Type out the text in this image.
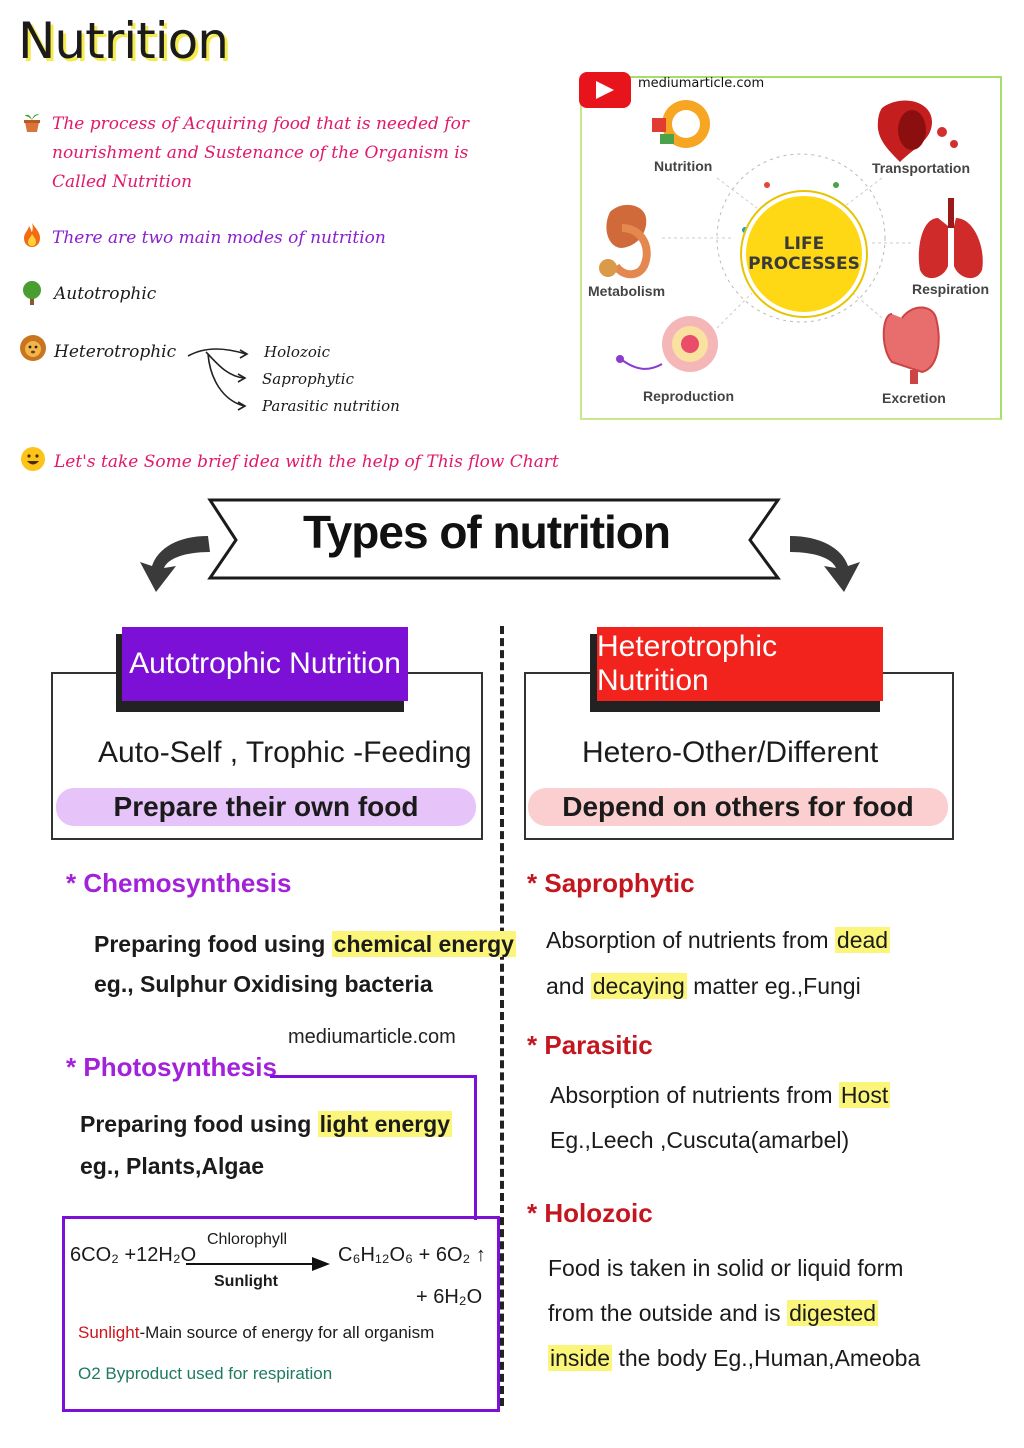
Nutrition
The process of Acquiring food that is needed for
nourishment and Sustenance of the Organism is
Called Nutrition
There are two main modes of nutrition
Autotrophic
Heterotrophic	Holozoic
Saprophytic
Parasitic nutrition
Let's take Some brief idea with the help of This flow Chart
mediumarticle.com
LIFE
PROCESSES
Nutrition	Transportation
Metabolism	Respiration
Reproduction	Excretion
Types of nutrition
Autotrophic Nutrition
Auto-Self , Trophic -Feeding
Prepare their own food
Heterotrophic Nutrition
Hetero-Other/Different
Depend on others for food
* Chemosynthesis
Preparing food using chemical energy
eg., Sulphur Oxidising bacteria
mediumarticle.com
* Photosynthesis
Preparing food using light energy
eg., Plants,Algae
6CO₂ +12H₂O
Chlorophyll
Sunlight
C₆H₁₂O₆ + 6O₂ ↑
+ 6H₂O
Sunlight-Main source of energy for all organism
O2 Byproduct used for respiration
* Saprophytic
Absorption of nutrients from dead
and decaying matter eg.,Fungi
* Parasitic
Absorption of nutrients from Host
Eg.,Leech ,Cuscuta(amarbel)
* Holozoic
Food is taken in solid or liquid form
from the outside and is digested
inside the body Eg.,Human,Ameoba
